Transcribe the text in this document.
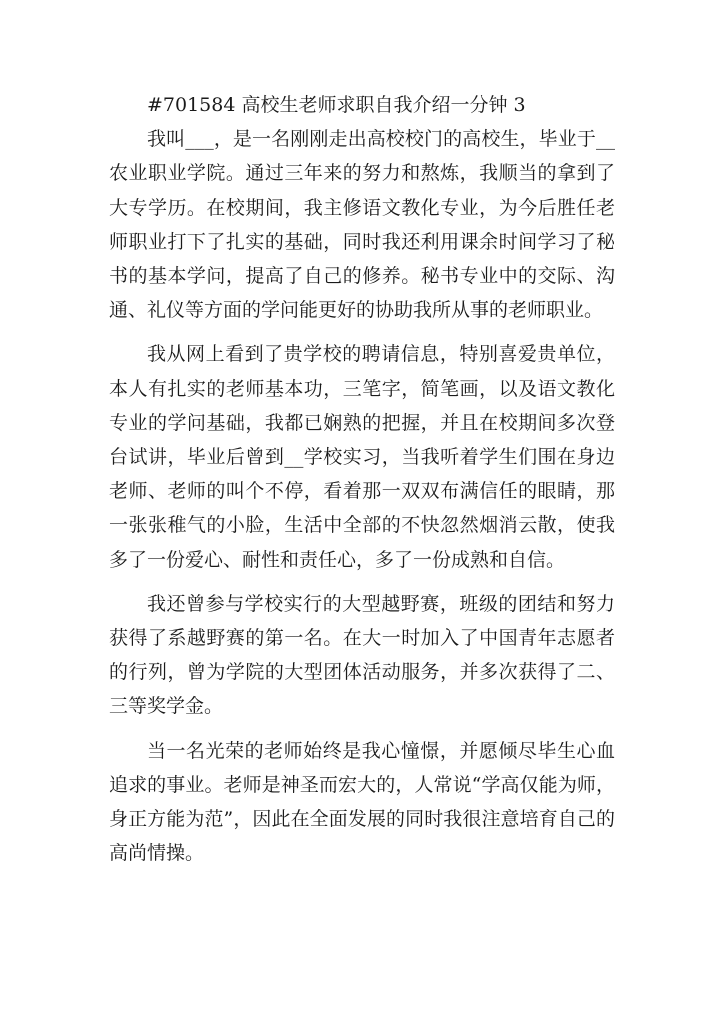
#701584 高校生老师求职自我介绍一分钟 3

我叫___，是一名刚刚走出高校校门的高校生，毕业于__农业职业学院。通过三年来的努力和熬炼，我顺当的拿到了大专学历。在校期间，我主修语文教化专业，为今后胜任老师职业打下了扎实的基础，同时我还利用课余时间学习了秘书的基本学问，提高了自己的修养。秘书专业中的交际、沟通、礼仪等方面的学问能更好的协助我所从事的老师职业。

我从网上看到了贵学校的聘请信息，特别喜爱贵单位，本人有扎实的老师基本功，三笔字，简笔画，以及语文教化专业的学问基础，我都已娴熟的把握，并且在校期间多次登台试讲，毕业后曾到__学校实习，当我听着学生们围在身边老师、老师的叫个不停，看着那一双双布满信任的眼睛，那一张张稚气的小脸，生活中全部的不快忽然烟消云散，使我多了一份爱心、耐性和责任心，多了一份成熟和自信。

我还曾参与学校实行的大型越野赛，班级的团结和努力获得了系越野赛的第一名。在大一时加入了中国青年志愿者的行列，曾为学院的大型团体活动服务，并多次获得了二、三等奖学金。

当一名光荣的老师始终是我心憧憬，并愿倾尽毕生心血追求的事业。老师是神圣而宏大的，人常说“学高仅能为师，身正方能为范”，因此在全面发展的同时我很注意培育自己的高尚情操。
